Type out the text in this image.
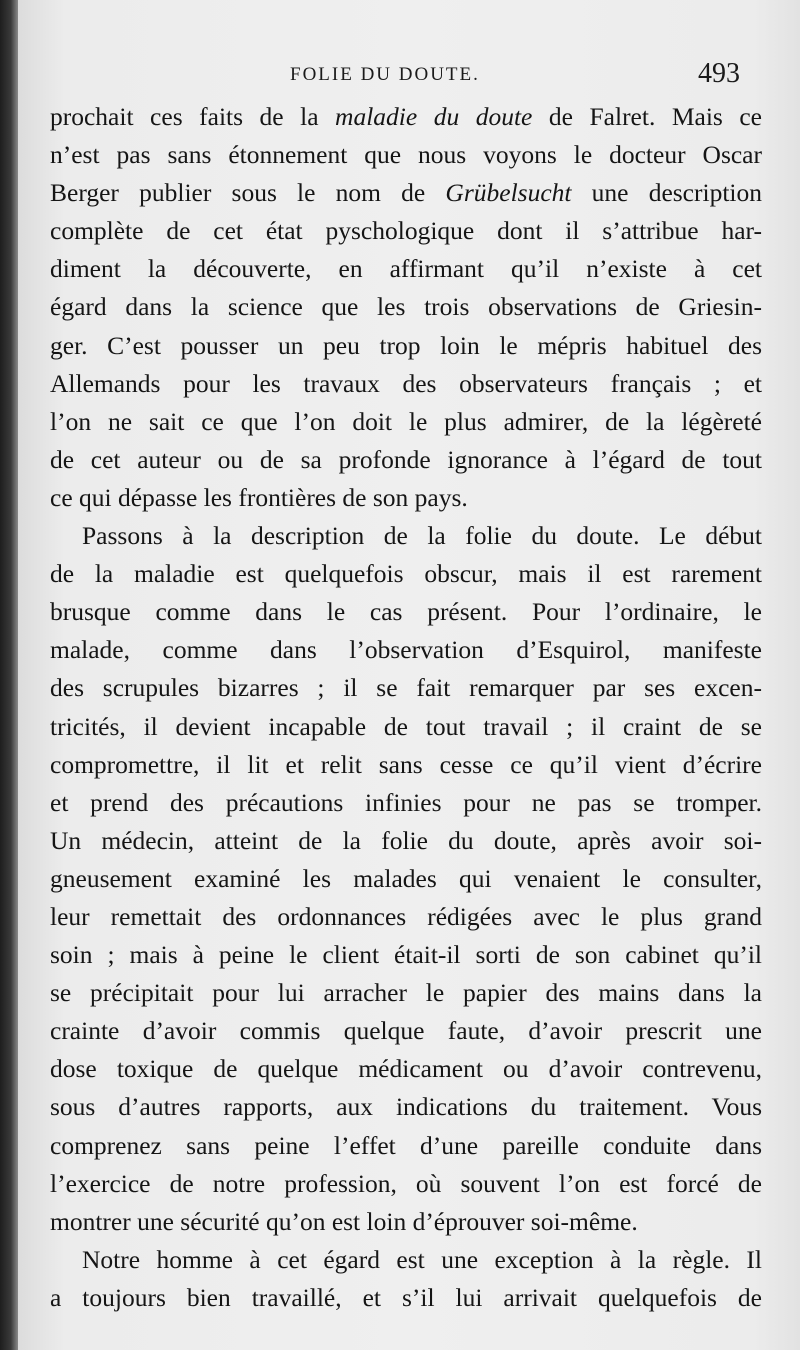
FOLIE DU DOUTE.	493
prochait ces faits de la maladie du doute de Falret. Mais ce
n’est pas sans étonnement que nous voyons le docteur Oscar
Berger publier sous le nom de Grübelsucht une description
complète de cet état pyschologique dont il s’attribue har-
diment la découverte, en affirmant qu’il n’existe à cet
égard dans la science que les trois observations de Griesin-
ger. C’est pousser un peu trop loin le mépris habituel des
Allemands pour les travaux des observateurs français ; et
l’on ne sait ce que l’on doit le plus admirer, de la légèreté
de cet auteur ou de sa profonde ignorance à l’égard de tout
ce qui dépasse les frontières de son pays.
Passons à la description de la folie du doute. Le début
de la maladie est quelquefois obscur, mais il est rarement
brusque comme dans le cas présent. Pour l’ordinaire, le
malade, comme dans l’observation d’Esquirol, manifeste
des scrupules bizarres ; il se fait remarquer par ses excen-
tricités, il devient incapable de tout travail ; il craint de se
compromettre, il lit et relit sans cesse ce qu’il vient d’écrire
et prend des précautions infinies pour ne pas se tromper.
Un médecin, atteint de la folie du doute, après avoir soi-
gneusement examiné les malades qui venaient le consulter,
leur remettait des ordonnances rédigées avec le plus grand
soin ; mais à peine le client était-il sorti de son cabinet qu’il
se précipitait pour lui arracher le papier des mains dans la
crainte d’avoir commis quelque faute, d’avoir prescrit une
dose toxique de quelque médicament ou d’avoir contrevenu,
sous d’autres rapports, aux indications du traitement. Vous
comprenez sans peine l’effet d’une pareille conduite dans
l’exercice de notre profession, où souvent l’on est forcé de
montrer une sécurité qu’on est loin d’éprouver soi-même.
Notre homme à cet égard est une exception à la règle. Il
a toujours bien travaillé, et s’il lui arrivait quelquefois de
